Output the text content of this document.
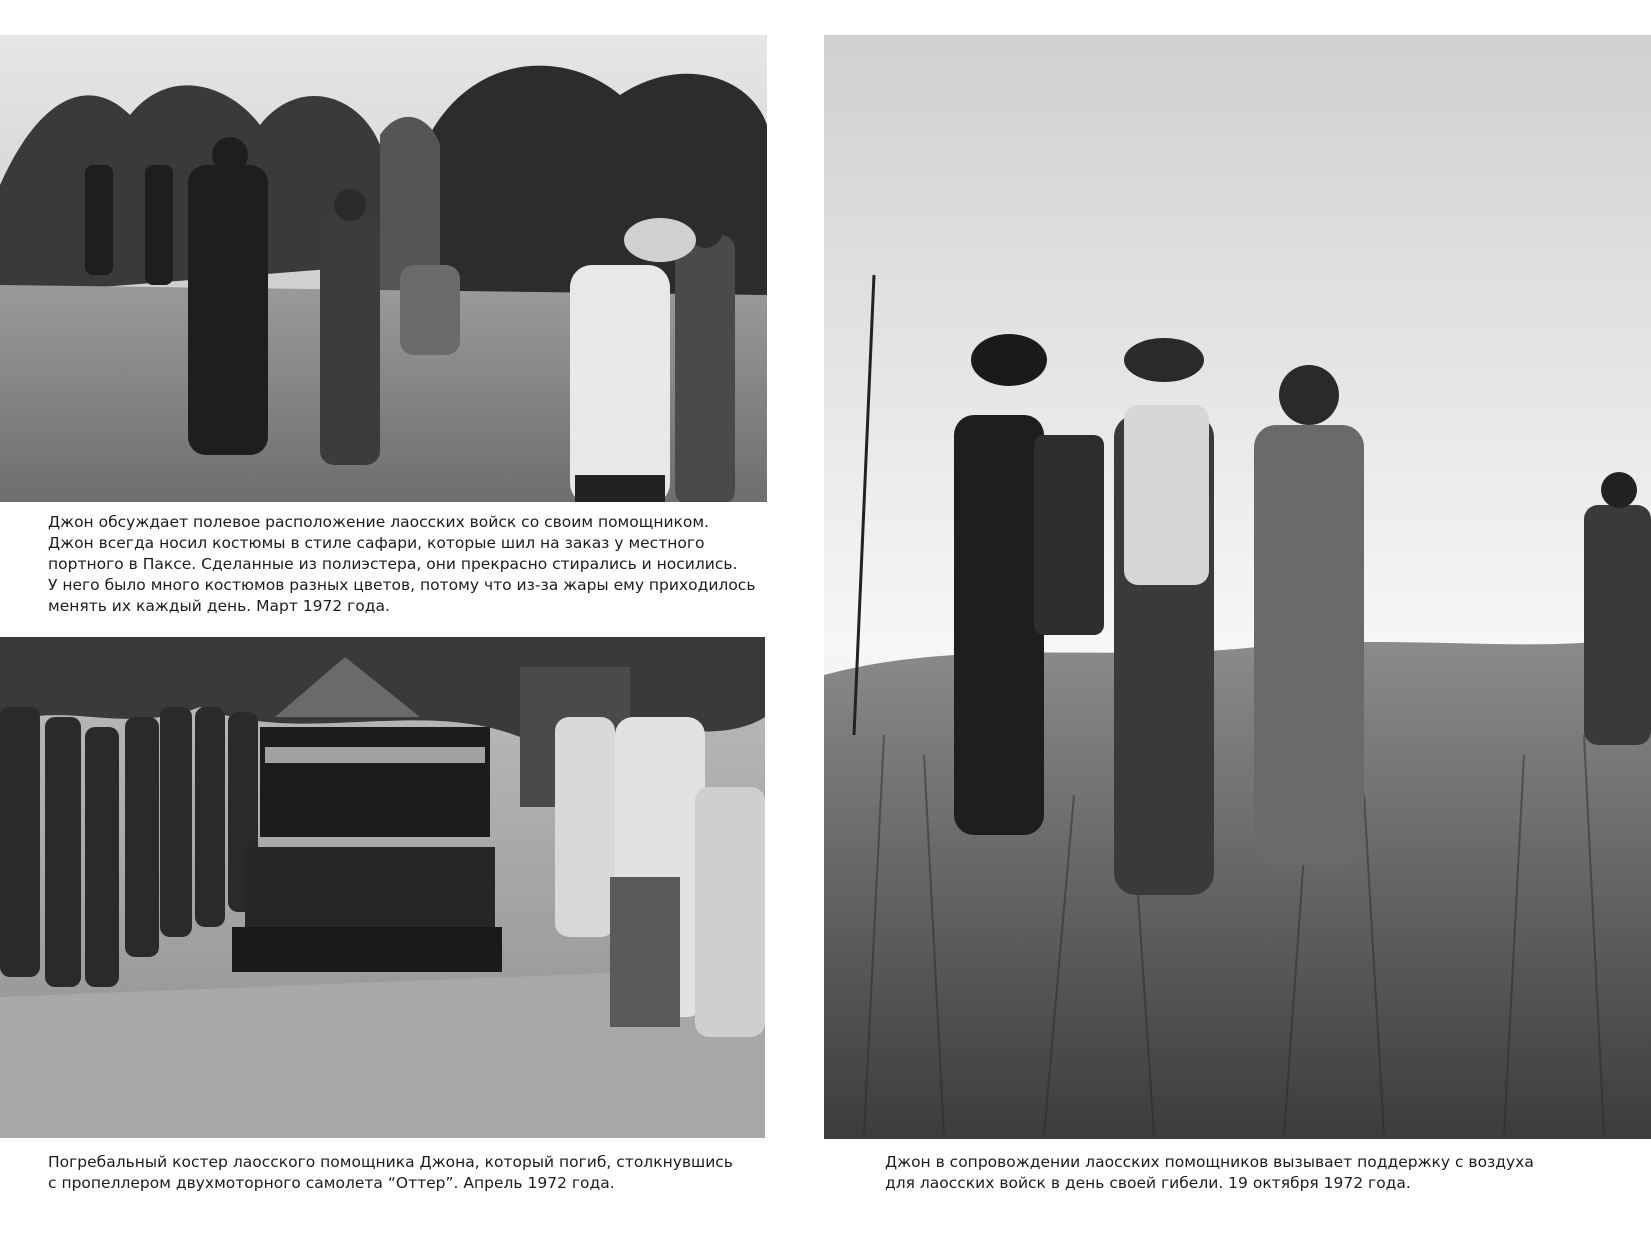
Джон обсуждает полевое расположение лаосских войск со своим помощником.
Джон всегда носил костюмы в стиле сафари, которые шил на заказ у местного
портного в Паксе. Сделанные из полиэстера, они прекрасно стирались и носились.
У него было много костюмов разных цветов, потому что из-за жары ему приходилось
менять их каждый день. Март 1972 года.
Погребальный костер лаосского помощника Джона, который погиб, столкнувшись
с пропеллером двухмоторного самолета “Оттер”. Апрель 1972 года.
Джон в сопровождении лаосских помощников вызывает поддержку с воздуха
для лаосских войск в день своей гибели. 19 октября 1972 года.
